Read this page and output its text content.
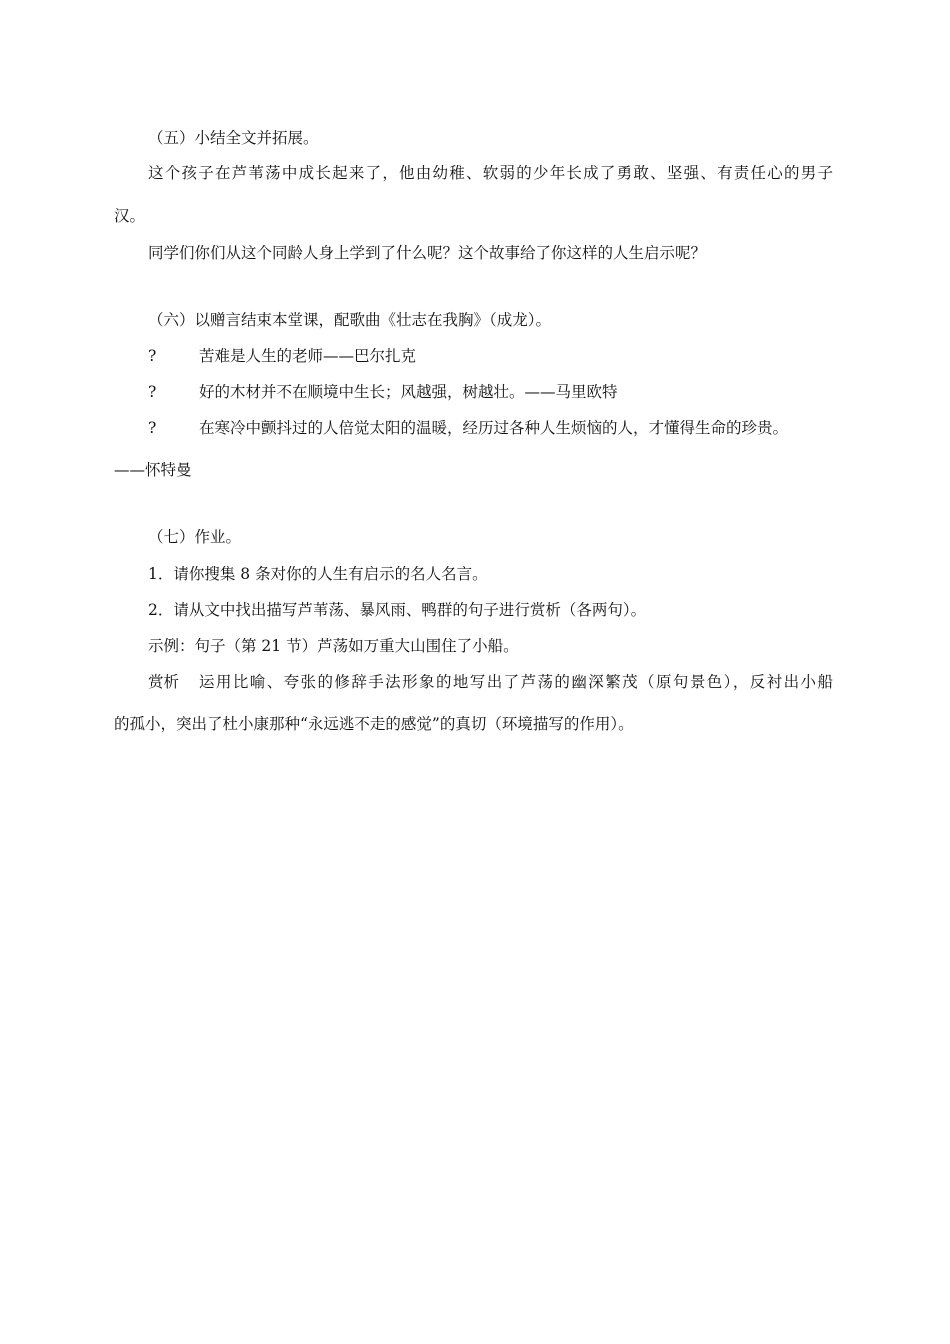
（五）小结全文并拓展。
这个孩子在芦苇荡中成长起来了，他由幼稚、软弱的少年长成了勇敢、坚强、有责任心的男子
汉。
同学们你们从这个同龄人身上学到了什么呢？这个故事给了你这样的人生启示呢？
（六）以赠言结束本堂课，配歌曲《壮志在我胸》（成龙）。
?	苦难是人生的老师——巴尔扎克
?	好的木材并不在顺境中生长；风越强，树越壮。——马里欧特
?	在寒冷中颤抖过的人倍觉太阳的温暖，经历过各种人生烦恼的人，才懂得生命的珍贵。
——怀特曼
（七）作业。
1．请你搜集 8 条对你的人生有启示的名人名言。
2．请从文中找出描写芦苇荡、暴风雨、鸭群的句子进行赏析（各两句）。
示例：句子（第 21 节）芦荡如万重大山围住了小船。
赏析 运用比喻、夸张的修辞手法形象的地写出了芦荡的幽深繁茂（原句景色），反衬出小船
的孤小，突出了杜小康那种“永远逃不走的感觉”的真切（环境描写的作用）。
